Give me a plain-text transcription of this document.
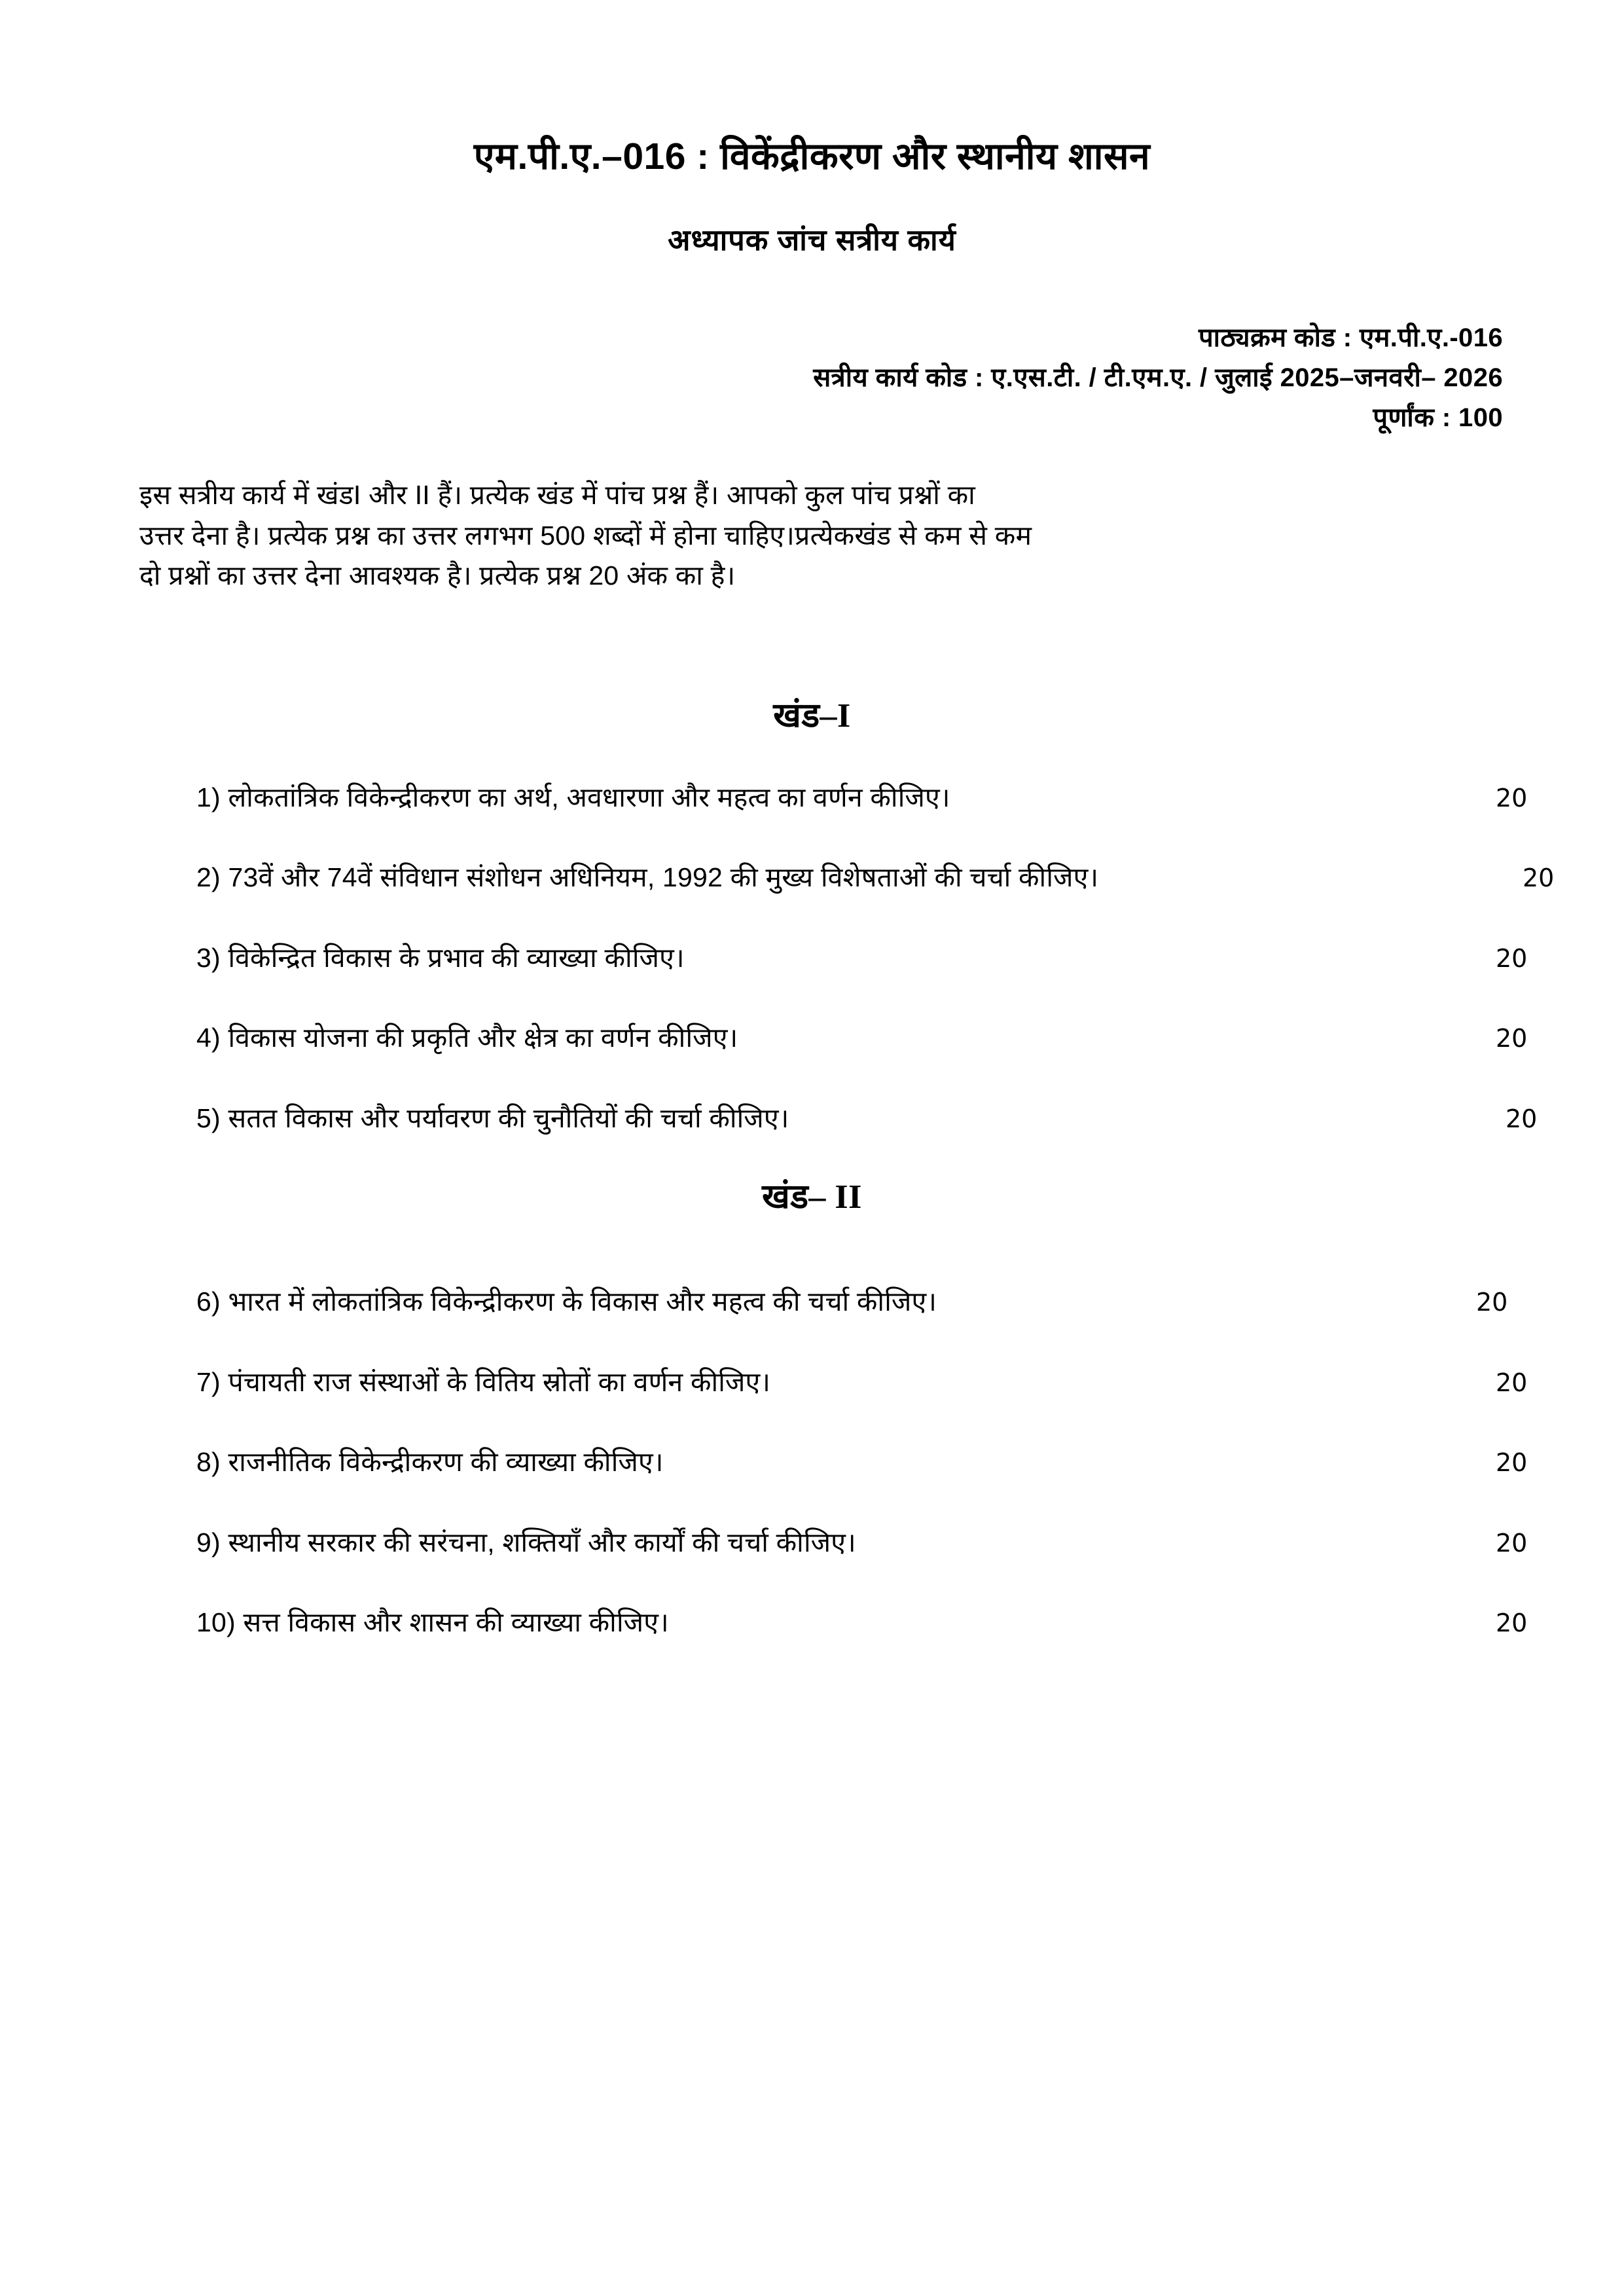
एम.पी.ए.–016 : विकेंद्रीकरण और स्थानीय शासन
अध्यापक जांच सत्रीय कार्य
पाठ्यक्रम कोड : एम.पी.ए.-016
सत्रीय कार्य कोड : ए.एस.टी. / टी.एम.ए. / जुलाई 2025–जनवरी– 2026
पूर्णांक : 100
इस सत्रीय कार्य में खंडI और II हैं। प्रत्येक खंड में पांच प्रश्न हैं। आपको कुल पांच प्रश्नों का
उत्तर देना है। प्रत्येक प्रश्न का उत्तर लगभग 500 शब्दों में होना चाहिए।प्रत्येकखंड से कम से कम
दो प्रश्नों का उत्तर देना आवश्यक है। प्रत्येक प्रश्न 20 अंक का है।
खंड–I
1) लोकतांत्रिक विकेन्द्रीकरण का अर्थ, अवधारणा और महत्व का वर्णन कीजिए।	20
2) 73वें और 74वें संविधान संशोधन अधिनियम, 1992 की मुख्य विशेषताओं की चर्चा कीजिए।	20
3) विकेन्द्रित विकास के प्रभाव की व्याख्या कीजिए।	20
4) विकास योजना की प्रकृति और क्षेत्र का वर्णन कीजिए।	20
5) सतत विकास और पर्यावरण की चुनौतियों की चर्चा कीजिए।	20
खंड– II
6) भारत में लोकतांत्रिक विकेन्द्रीकरण के विकास और महत्व की चर्चा कीजिए।	20
7) पंचायती राज संस्थाओं के वितिय स्रोतों का वर्णन कीजिए।	20
8) राजनीतिक विकेन्द्रीकरण की व्याख्या कीजिए।	20
9) स्थानीय सरकार की सरंचना, शक्तियाँ और कार्यों की चर्चा कीजिए।	20
10) सत्त विकास और शासन की व्याख्या कीजिए।	20
